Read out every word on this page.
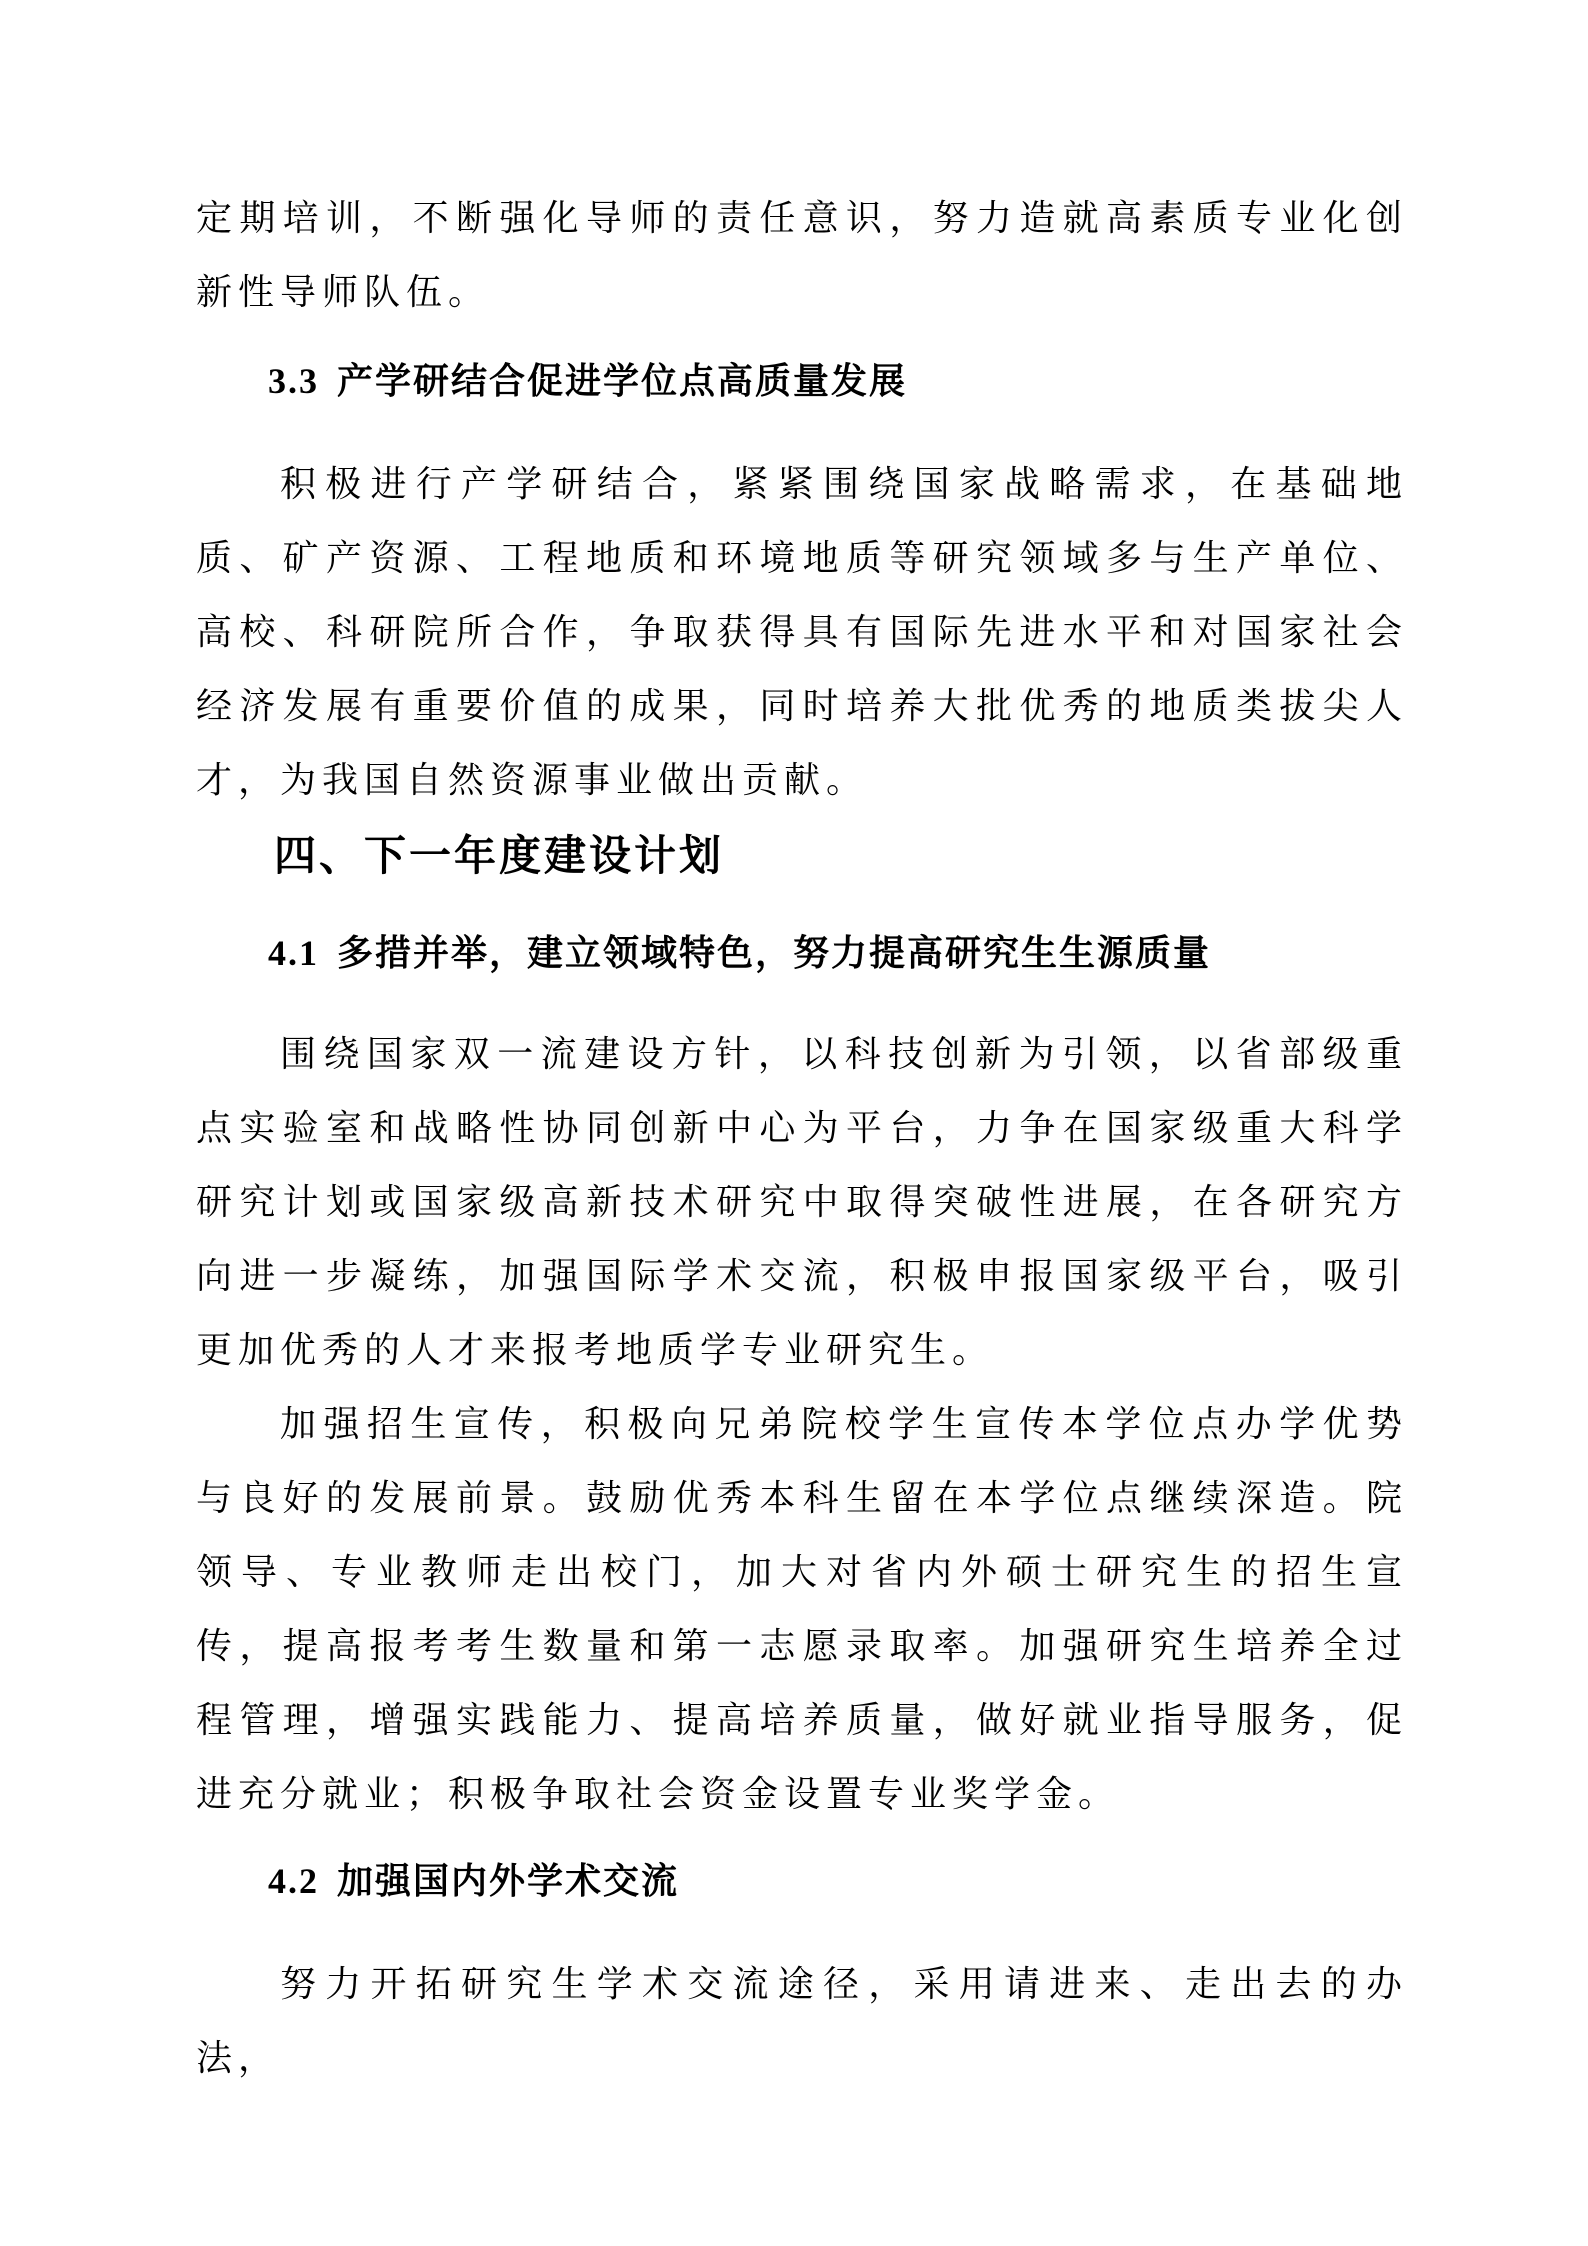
定期培训，不断强化导师的责任意识，努力造就高素质专业化创新性导师队伍。

3.3 产学研结合促进学位点高质量发展

积极进行产学研结合，紧紧围绕国家战略需求，在基础地质、矿产资源、工程地质和环境地质等研究领域多与生产单位、高校、科研院所合作，争取获得具有国际先进水平和对国家社会经济发展有重要价值的成果，同时培养大批优秀的地质类拔尖人才，为我国自然资源事业做出贡献。

四、下一年度建设计划
4.1 多措并举，建立领域特色，努力提高研究生生源质量

围绕国家双一流建设方针，以科技创新为引领，以省部级重点实验室和战略性协同创新中心为平台，力争在国家级重大科学研究计划或国家级高新技术研究中取得突破性进展，在各研究方向进一步凝练，加强国际学术交流，积极申报国家级平台，吸引更加优秀的人才来报考地质学专业研究生。

加强招生宣传，积极向兄弟院校学生宣传本学位点办学优势与良好的发展前景。鼓励优秀本科生留在本学位点继续深造。院领导、专业教师走出校门，加大对省内外硕士研究生的招生宣传，提高报考考生数量和第一志愿录取率。加强研究生培养全过程管理，增强实践能力、提高培养质量，做好就业指导服务，促进充分就业；积极争取社会资金设置专业奖学金。

4.2 加强国内外学术交流

努力开拓研究生学术交流途径，采用请进来、走出去的办法，
